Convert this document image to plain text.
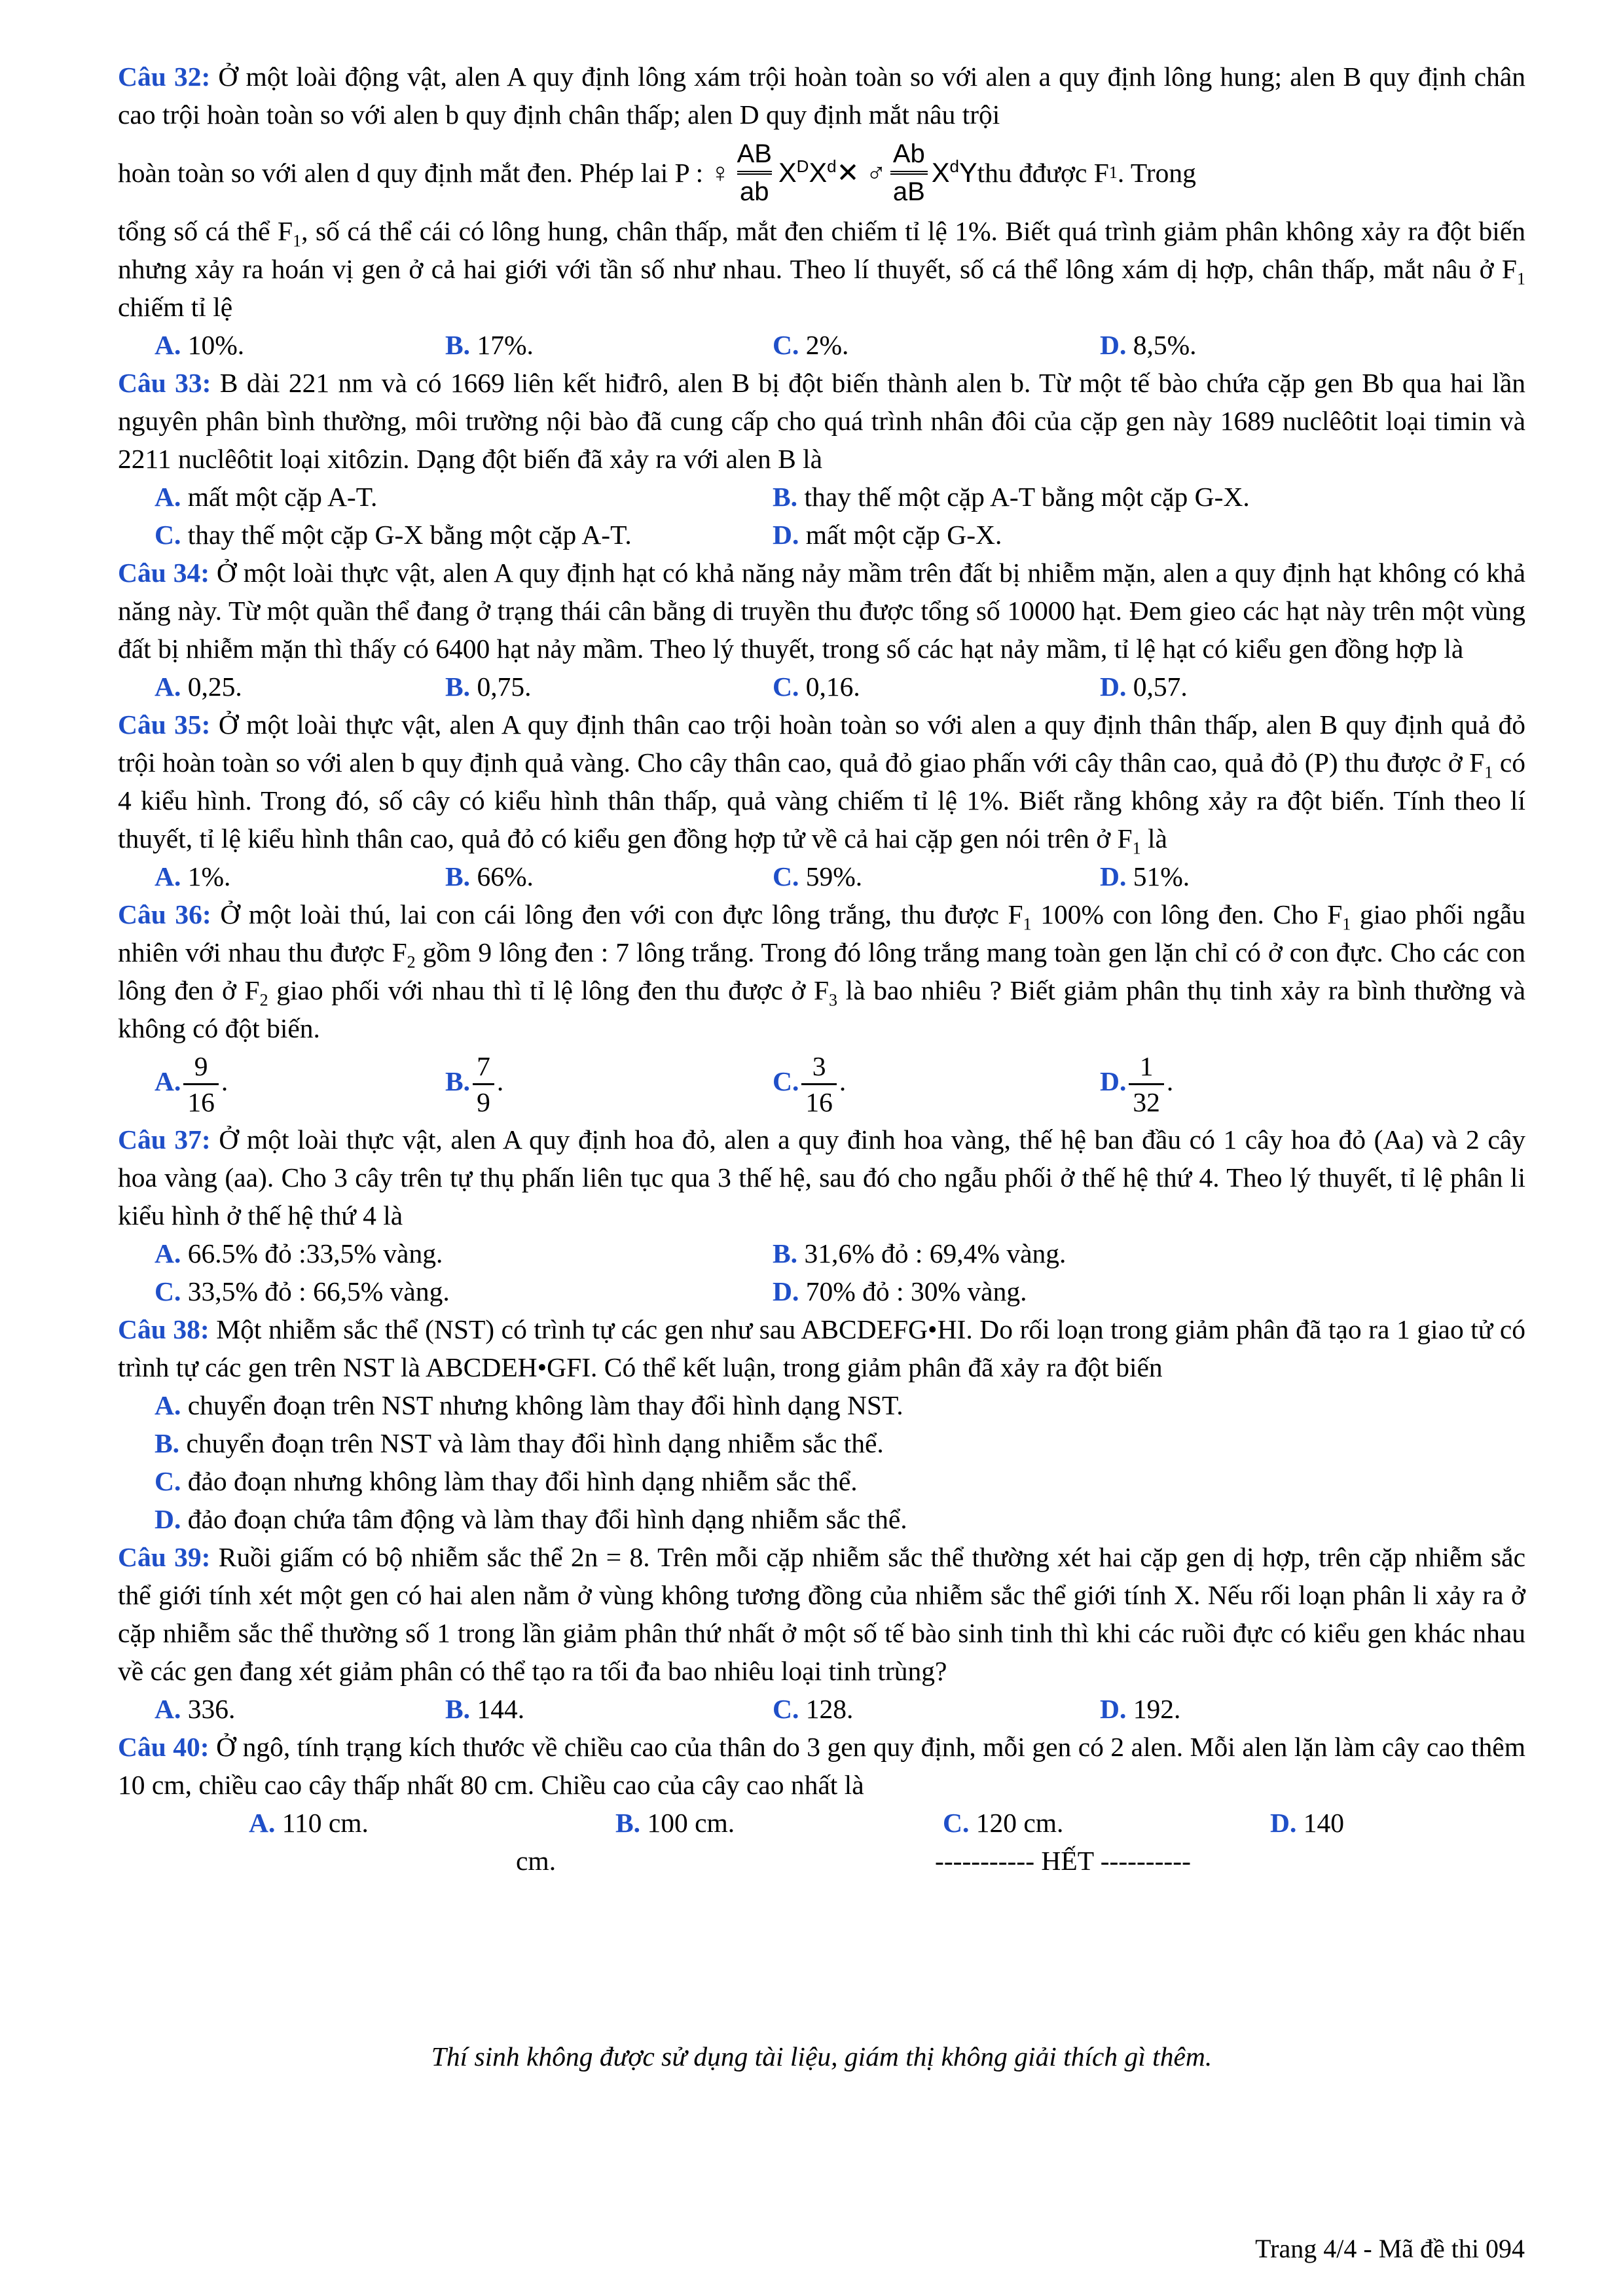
Câu 32: Ở một loài động vật, alen A quy định lông xám trội hoàn toàn so với alen a quy định lông hung; alen B quy định chân cao trội hoàn toàn so với alen b quy định chân thấp; alen D quy định mắt nâu trội

hoàn toàn so với alen d quy định mắt đen. Phép lai P : ♀
AB
ab
$X^DX^d$ ✕ ♂
Ab
aB
$X^dY$ thu đđược F 1 . Trong

tổng số cá thể $F_1$, số cá thể cái có lông hung, chân thấp, mắt đen chiếm tỉ lệ 1%. Biết quá trình giảm phân không xảy ra đột biến nhưng xảy ra hoán vị gen ở cả hai giới với tần số như nhau. Theo lí thuyết, số cá thể lông xám dị hợp, chân thấp, mắt nâu ở $F_1$ chiếm tỉ lệ

A. 10%.	B. 17%.	C. 2%.	D. 8,5%.

Câu 33: B dài 221 nm và có 1669 liên kết hiđrô, alen B bị đột biến thành alen b. Từ một tế bào chứa cặp gen Bb qua hai lần nguyên phân bình thường, môi trường nội bào đã cung cấp cho quá trình nhân đôi của cặp gen này 1689 nuclêôtit loại timin và 2211 nuclêôtit loại xitôzin. Dạng đột biến đã xảy ra với alen B là

A. mất một cặp A-T.	B. thay thế một cặp A-T bằng một cặp G-X.
C. thay thế một cặp G-X bằng một cặp A-T.	D. mất một cặp G-X.

Câu 34: Ở một loài thực vật, alen A quy định hạt có khả năng nảy mầm trên đất bị nhiễm mặn, alen a quy định hạt không có khả năng này. Từ một quần thể đang ở trạng thái cân bằng di truyền thu được tổng số 10000 hạt. Đem gieo các hạt này trên một vùng đất bị nhiễm mặn thì thấy có 6400 hạt nảy mầm. Theo lý thuyết, trong số các hạt nảy mầm, tỉ lệ hạt có kiểu gen đồng hợp là

A. 0,25.	B. 0,75.	C. 0,16.	D. 0,57.

Câu 35: Ở một loài thực vật, alen A quy định thân cao trội hoàn toàn so với alen a quy định thân thấp, alen B quy định quả đỏ trội hoàn toàn so với alen b quy định quả vàng. Cho cây thân cao, quả đỏ giao phấn với cây thân cao, quả đỏ (P) thu được ở $F_1$ có 4 kiểu hình. Trong đó, số cây có kiểu hình thân thấp, quả vàng chiếm tỉ lệ 1%. Biết rằng không xảy ra đột biến. Tính theo lí thuyết, tỉ lệ kiểu hình thân cao, quả đỏ có kiểu gen đồng hợp tử về cả hai cặp gen nói trên ở $F_1$ là

A. 1%.	B. 66%.	C. 59%.	D. 51%.

Câu 36: Ở một loài thú, lai con cái lông đen với con đực lông trắng, thu được $F_1$ 100% con lông đen. Cho $F_1$ giao phối ngẫu nhiên với nhau thu được $F_2$ gồm 9 lông đen : 7 lông trắng. Trong đó lông trắng mang toàn gen lặn chỉ có ở con đực. Cho các con lông đen ở $F_2$ giao phối với nhau thì tỉ lệ lông đen thu được ở $F_3$ là bao nhiêu ? Biết giảm phân thụ tinh xảy ra bình thường và không có đột biến.

A. $\frac{9}{16}$ .	B. $\frac{7}{9}$ .	C. $\frac{3}{16}$ .	D. $\frac{1}{32}$ .

Câu 37: Ở một loài thực vật, alen A quy định hoa đỏ, alen a quy đinh hoa vàng, thế hệ ban đầu có 1 cây hoa đỏ (Aa) và 2 cây hoa vàng (aa). Cho 3 cây trên tự thụ phấn liên tục qua 3 thế hệ, sau đó cho ngẫu phối ở thế hệ thứ 4. Theo lý thuyết, tỉ lệ phân li kiểu hình ở thế hệ thứ 4 là

A. 66.5% đỏ :33,5% vàng.	B. 31,6% đỏ : 69,4% vàng.
C. 33,5% đỏ : 66,5% vàng.	D. 70% đỏ : 30% vàng.

Câu 38: Một nhiễm sắc thể (NST) có trình tự các gen như sau ABCDEFG•HI. Do rối loạn trong giảm phân đã tạo ra 1 giao tử có trình tự các gen trên NST là ABCDEH•GFI. Có thể kết luận, trong giảm phân đã xảy ra đột biến

A. chuyển đoạn trên NST nhưng không làm thay đổi hình dạng NST.
B. chuyển đoạn trên NST và làm thay đổi hình dạng nhiễm sắc thể.
C. đảo đoạn nhưng không làm thay đổi hình dạng nhiễm sắc thể.
D. đảo đoạn chứa tâm động và làm thay đổi hình dạng nhiễm sắc thể.

Câu 39: Ruồi giấm có bộ nhiễm sắc thể 2n = 8. Trên mỗi cặp nhiễm sắc thể thường xét hai cặp gen dị hợp, trên cặp nhiễm sắc thể giới tính xét một gen có hai alen nằm ở vùng không tương đồng của nhiễm sắc thể giới tính X. Nếu rối loạn phân li xảy ra ở cặp nhiễm sắc thể thường số 1 trong lần giảm phân thứ nhất ở một số tế bào sinh tinh thì khi các ruồi đực có kiểu gen khác nhau về các gen đang xét giảm phân có thể tạo ra tối đa bao nhiêu loại tinh trùng?

A. 336.	B. 144.	C. 128.	D. 192.

Câu 40: Ở ngô, tính trạng kích thước về chiều cao của thân do 3 gen quy định, mỗi gen có 2 alen. Mỗi alen lặn làm cây cao thêm 10 cm, chiều cao cây thấp nhất 80 cm. Chiều cao của cây cao nhất là

A. 110 cm.	B. 100 cm.	C. 120 cm.	D. 140
cm.	----------- HẾT ----------
Thí sinh không được sử dụng tài liệu, giám thị không giải thích gì thêm.
Trang 4/4 - Mã đề thi 094
